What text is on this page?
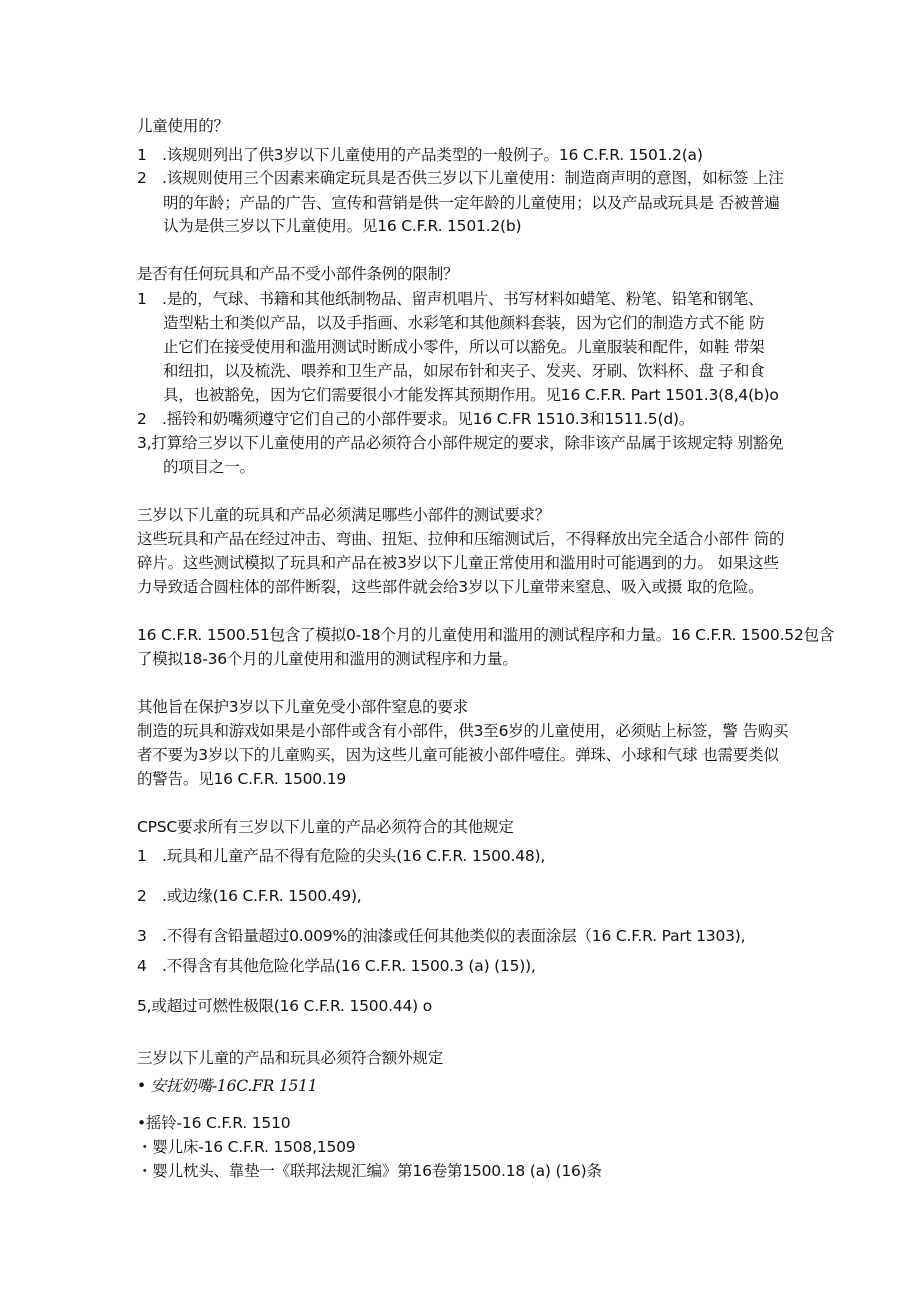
儿童使用的？
1　.该规则列出了供3岁以下儿童使用的产品类型的一般例子。16 C.F.R. 1501.2(a)
2　.该规则使用三个因素来确定玩具是否供三岁以下儿童使用：制造商声明的意图，如标签 上注
明的年龄；产品的广告、宣传和营销是供一定年龄的儿童使用；以及产品或玩具是 否被普遍
认为是供三岁以下儿童使用。见16 C.F.R. 1501.2(b)
是否有任何玩具和产品不受小部件条例的限制？
1　.是的，气球、书籍和其他纸制物品、留声机唱片、书写材料如蜡笔、粉笔、铅笔和钢笔、
造型粘土和类似产品，以及手指画、水彩笔和其他颜料套装，因为它们的制造方式不能 防
止它们在接受使用和滥用测试时断成小零件，所以可以豁免。儿童服装和配件，如鞋 带架
和纽扣，以及梳洗、喂养和卫生产品，如尿布针和夹子、发夹、牙刷、饮料杯、盘 子和食
具，也被豁免，因为它们需要很小才能发挥其预期作用。见16 C.F.R. Part 1501.3(8,4(b)o
2　.摇铃和奶嘴须遵守它们自己的小部件要求。见16 C.FR 1510.3和1511.5(d)。
3,打算给三岁以下儿童使用的产品必须符合小部件规定的要求，除非该产品属于该规定特 别豁免
的项目之一。
三岁以下儿童的玩具和产品必须满足哪些小部件的测试要求？
这些玩具和产品在经过冲击、弯曲、扭矩、拉伸和压缩测试后，不得释放出完全适合小部件 筒的
碎片。这些测试模拟了玩具和产品在被3岁以下儿童正常使用和滥用时可能遇到的力。 如果这些
力导致适合圆柱体的部件断裂，这些部件就会给3岁以下儿童带来窒息、吸入或摄 取的危险。
16 C.F.R. 1500.51包含了模拟0-18个月的儿童使用和滥用的测试程序和力量。16 C.F.R. 1500.52包含
了模拟18-36个月的儿童使用和滥用的测试程序和力量。
其他旨在保护3岁以下儿童免受小部件窒息的要求
制造的玩具和游戏如果是小部件或含有小部件，供3至6岁的儿童使用，必须贴上标签，警 告购买
者不要为3岁以下的儿童购买，因为这些儿童可能被小部件噎住。弹珠、小球和气球 也需要类似
的警告。见16 C.F.R. 1500.19
CPSC要求所有三岁以下儿童的产品必须符合的其他规定
1　.玩具和儿童产品不得有危险的尖头(16 C.F.R. 1500.48),
2　.或边缘(16 C.F.R. 1500.49),
3　.不得有含铅量超过0.009%的油漆或任何其他类似的表面涂层（16 C.F.R. Part 1303),
4　.不得含有其他危险化学品(16 C.F.R. 1500.3 (a) (15)),
5,或超过可燃性极限(16 C.F.R. 1500.44) o
三岁以下儿童的产品和玩具必须符合额外规定
• 安抚奶嘴-16C.FR 1511
•摇铃-16 C.F.R. 1510
・婴儿床-16 C.F.R. 1508,1509
・婴儿枕头、靠垫一《联邦法规汇编》第16卷第1500.18 (a) (16)条
